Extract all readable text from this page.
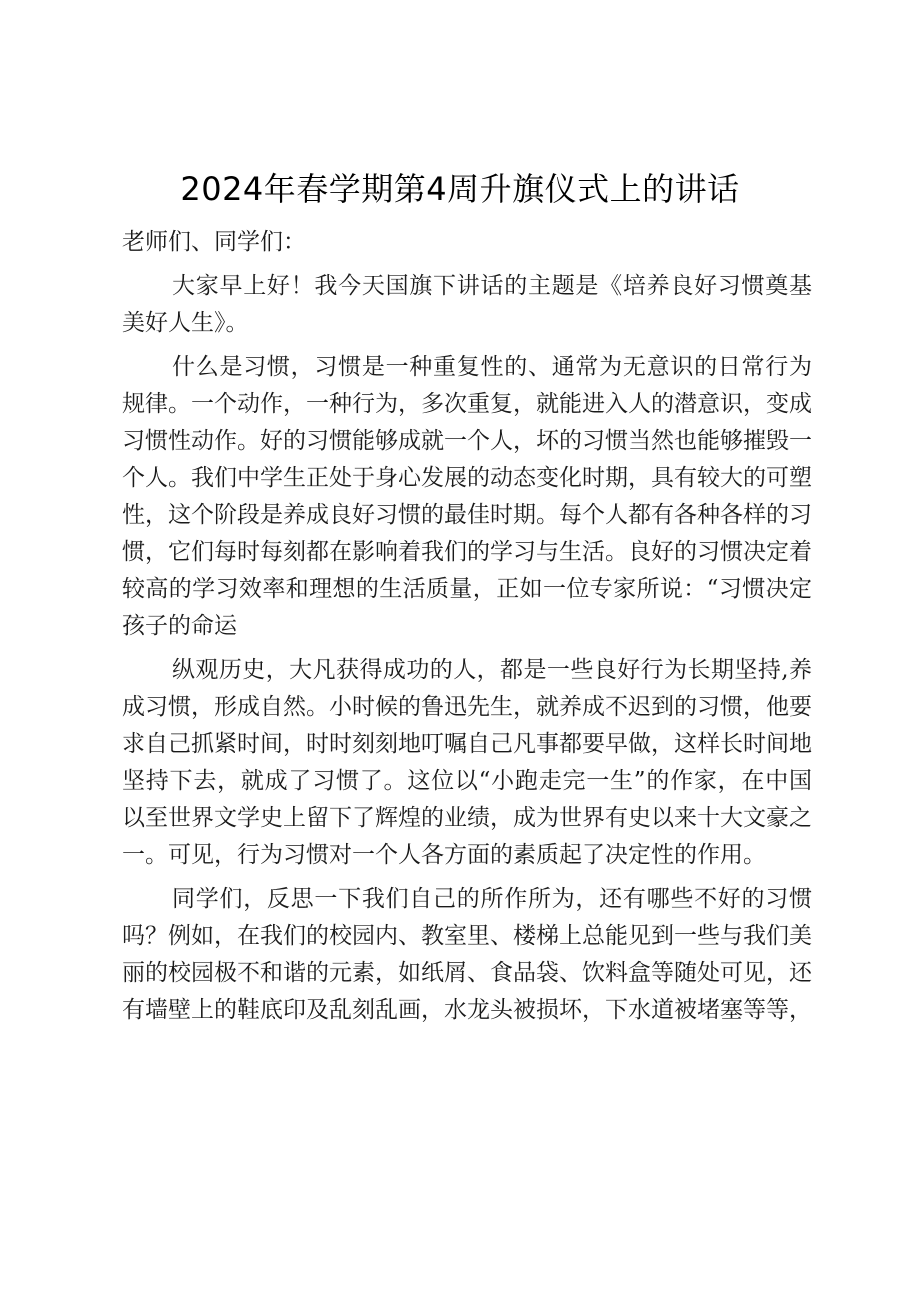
2024年春学期第4周升旗仪式上的讲话

老师们、同学们：

大家早上好！我今天国旗下讲话的主题是《培养良好习惯奠基美好人生》。

什么是习惯，习惯是一种重复性的、通常为无意识的日常行为规律。一个动作，一种行为，多次重复，就能进入人的潜意识，变成习惯性动作。好的习惯能够成就一个人，坏的习惯当然也能够摧毁一个人。我们中学生正处于身心发展的动态变化时期，具有较大的可塑性，这个阶段是养成良好习惯的最佳时期。每个人都有各种各样的习惯，它们每时每刻都在影响着我们的学习与生活。良好的习惯决定着较高的学习效率和理想的生活质量，正如一位专家所说：“习惯决定孩子的命运

纵观历史，大凡获得成功的人，都是一些良好行为长期坚持,养成习惯，形成自然。小时候的鲁迅先生，就养成不迟到的习惯，他要求自己抓紧时间，时时刻刻地叮嘱自己凡事都要早做，这样长时间地坚持下去，就成了习惯了。这位以“小跑走完一生”的作家，在中国以至世界文学史上留下了辉煌的业绩，成为世界有史以来十大文豪之一。可见，行为习惯对一个人各方面的素质起了决定性的作用。

同学们，反思一下我们自己的所作所为，还有哪些不好的习惯吗？例如，在我们的校园内、教室里、楼梯上总能见到一些与我们美丽的校园极不和谐的元素，如纸屑、食品袋、饮料盒等随处可见，还有墙壁上的鞋底印及乱刻乱画，水龙头被损坏，下水道被堵塞等等，
